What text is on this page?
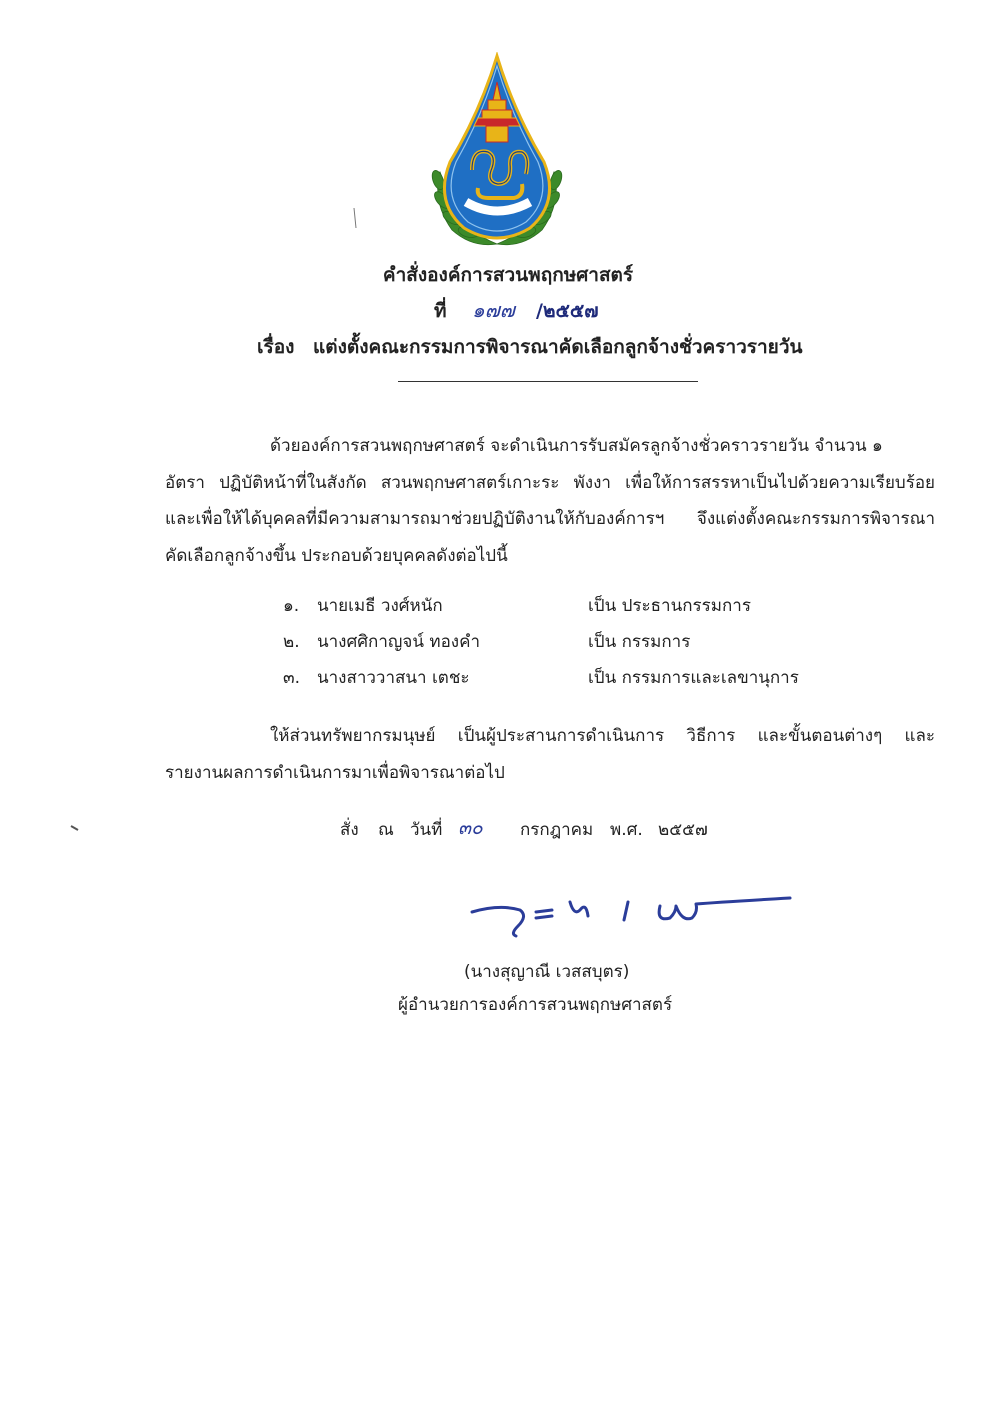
คำสั่งองค์การสวนพฤกษศาสตร์
ที่ ๑๗๗ /๒๕๕๗
เรื่อง แต่งตั้งคณะกรรมการพิจารณาคัดเลือกลูกจ้างชั่วคราวรายวัน
ด้วยองค์การสวนพฤกษศาสตร์ จะดำเนินการรับสมัครลูกจ้างชั่วคราวรายวัน จำนวน ๑
อัตรา ปฏิบัติหน้าที่ในสังกัด สวนพฤกษศาสตร์เกาะระ พังงา เพื่อให้การสรรหาเป็นไปด้วยความเรียบร้อย
และเพื่อให้ได้บุคคลที่มีความสามารถมาช่วยปฏิบัติงานให้กับองค์การฯ จึงแต่งตั้งคณะกรรมการพิจารณา
คัดเลือกลูกจ้างขึ้น ประกอบด้วยบุคคลดังต่อไปนี้
๑. นายเมธี วงศ์หนัก	เป็น ประธานกรรมการ
๒. นางศศิกาญจน์ ทองคำ	เป็น กรรมการ
๓. นางสาววาสนา เตชะ	เป็น กรรมการและเลขานุการ
ให้ส่วนทรัพยากรมนุษย์ เป็นผู้ประสานการดำเนินการ วิธีการ และขั้นตอนต่างๆ และ
รายงานผลการดำเนินการมาเพื่อพิจารณาต่อไป
สั่ง ณ วันที่ ๓๐ กรกฎาคม พ.ศ. ๒๕๕๗
(นางสุญาณี เวสสบุตร)
ผู้อำนวยการองค์การสวนพฤกษศาสตร์
